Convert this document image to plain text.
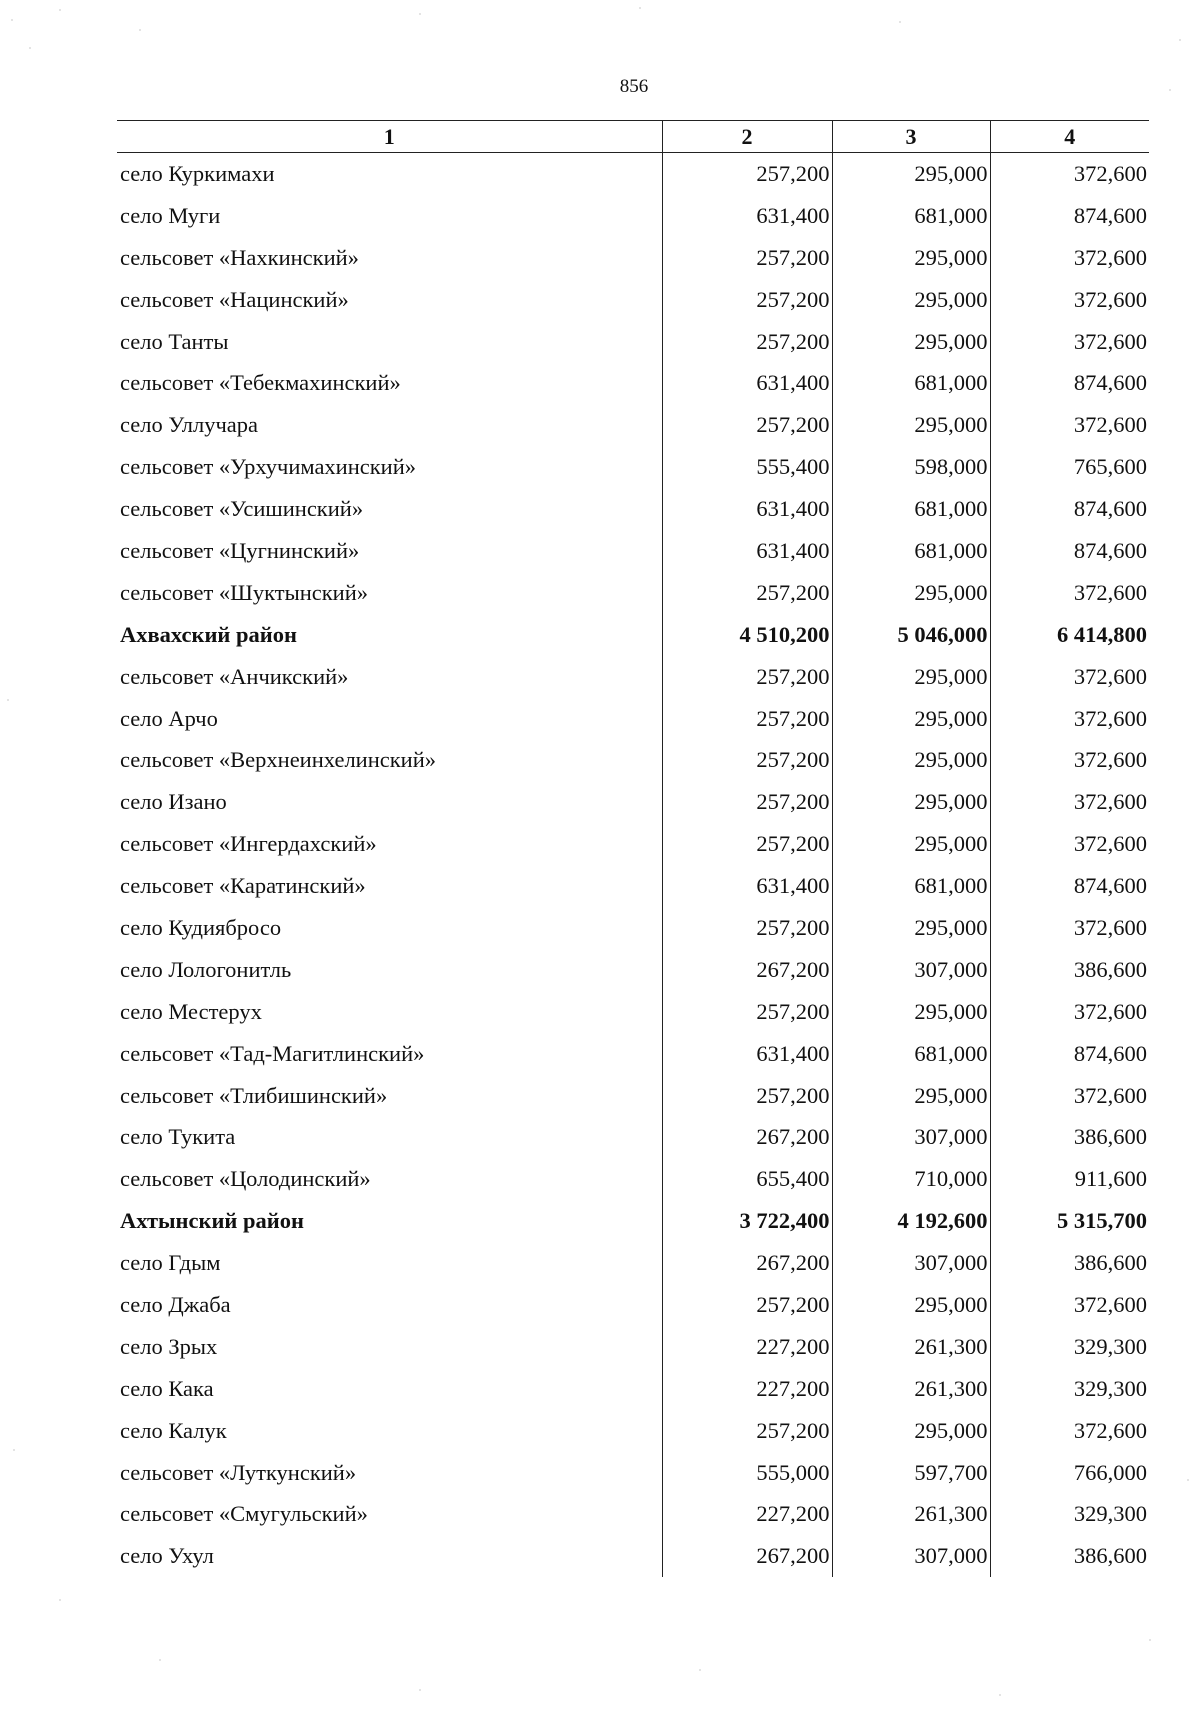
856
1	2	3	4
село Куркимахи	257,200	295,000	372,600
село Муги	631,400	681,000	874,600
сельсовет «Нахкинский»	257,200	295,000	372,600
сельсовет «Нацинский»	257,200	295,000	372,600
село Танты	257,200	295,000	372,600
сельсовет «Тебекмахинский»	631,400	681,000	874,600
село Уллучара	257,200	295,000	372,600
сельсовет «Урхучимахинский»	555,400	598,000	765,600
сельсовет «Усишинский»	631,400	681,000	874,600
сельсовет «Цугнинский»	631,400	681,000	874,600
сельсовет «Шуктынский»	257,200	295,000	372,600
Ахвахский район	4 510,200	5 046,000	6 414,800
сельсовет «Анчикский»	257,200	295,000	372,600
село Арчо	257,200	295,000	372,600
сельсовет «Верхнеинхелинский»	257,200	295,000	372,600
село Изано	257,200	295,000	372,600
сельсовет «Ингердахский»	257,200	295,000	372,600
сельсовет «Каратинский»	631,400	681,000	874,600
село Кудиябросо	257,200	295,000	372,600
село Лологонитль	267,200	307,000	386,600
село Местерух	257,200	295,000	372,600
сельсовет «Тад-Магитлинский»	631,400	681,000	874,600
сельсовет «Тлибишинский»	257,200	295,000	372,600
село Тукита	267,200	307,000	386,600
сельсовет «Цолодинский»	655,400	710,000	911,600
Ахтынский район	3 722,400	4 192,600	5 315,700
село Гдым	267,200	307,000	386,600
село Джаба	257,200	295,000	372,600
село Зрых	227,200	261,300	329,300
село Кака	227,200	261,300	329,300
село Калук	257,200	295,000	372,600
сельсовет «Луткунский»	555,000	597,700	766,000
сельсовет «Смугульский»	227,200	261,300	329,300
село Ухул	267,200	307,000	386,600
